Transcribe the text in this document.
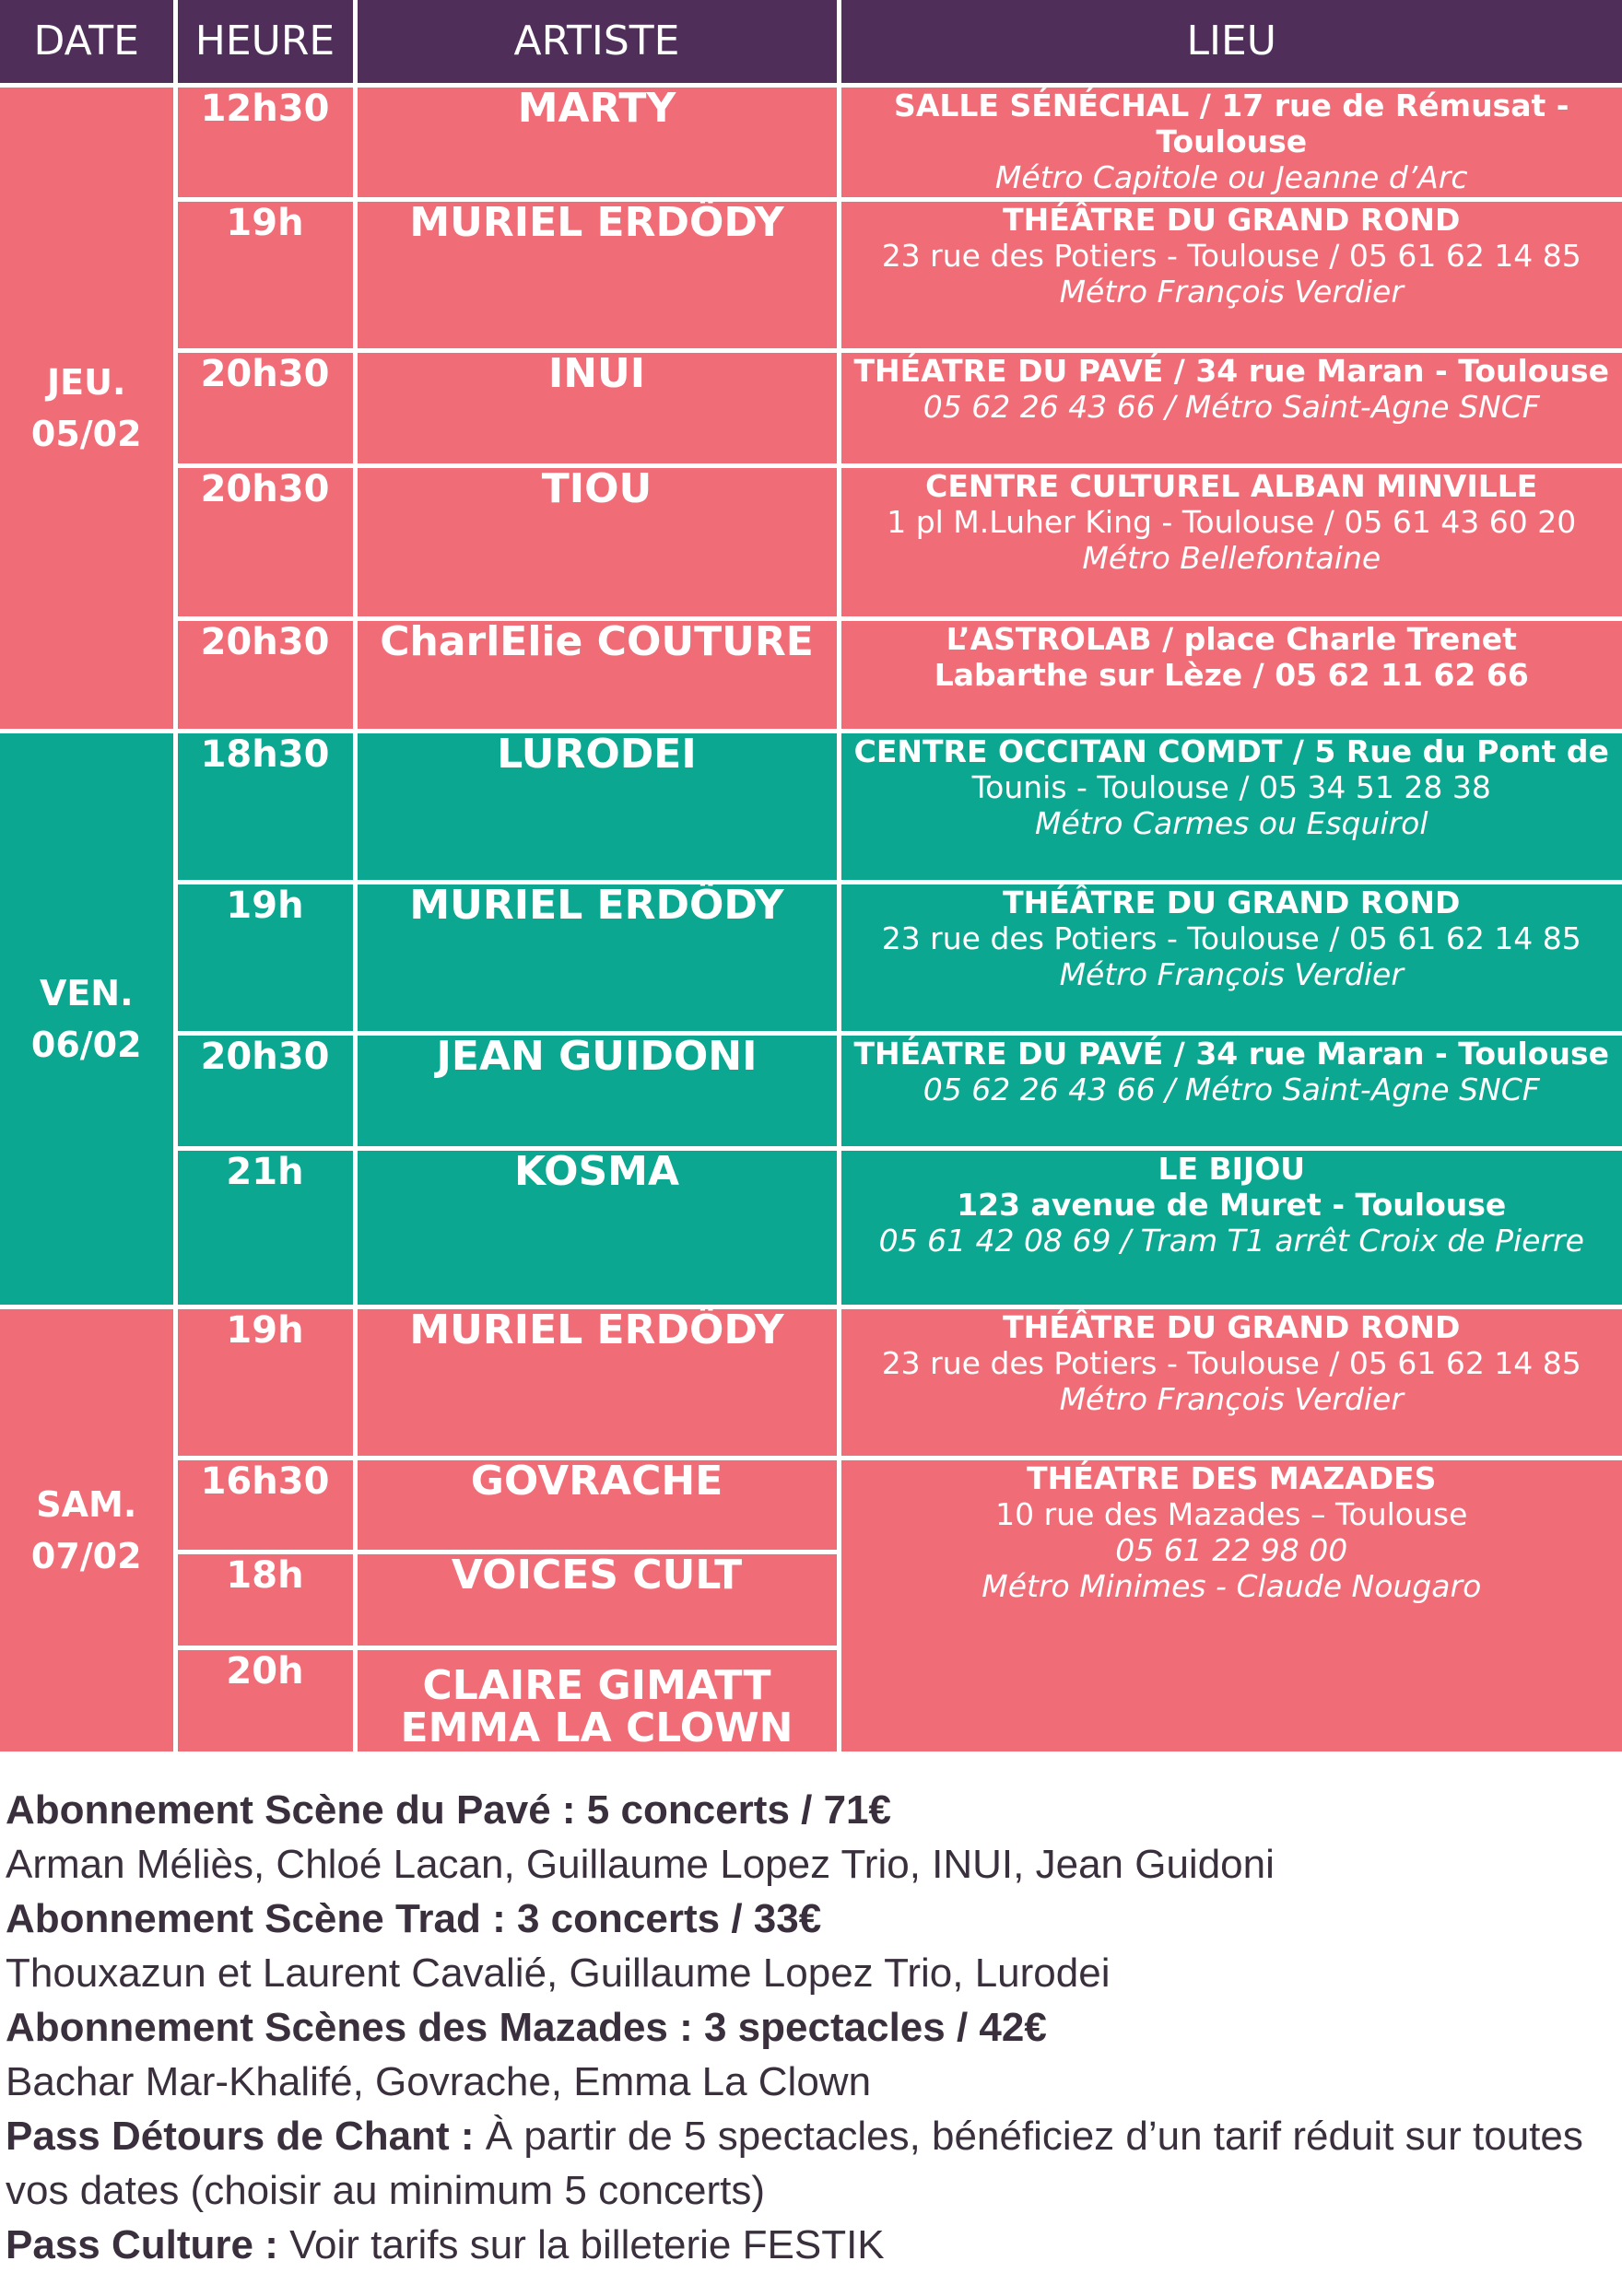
DATE	HEURE	ARTISTE	LIEU
JEU.
05/02	12h30	MARTY	SALLE SÉNÉCHAL / 17 rue de Rémusat - Toulouse
Métro Capitole ou Jeanne d’Arc

	19h	MURIEL ERDÖDY	THÉÂTRE DU GRAND ROND
23 rue des Potiers - Toulouse / 05 61 62 14 85
Métro François Verdier

	20h30	INUI	THÉATRE DU PAVÉ / 34 rue Maran - Toulouse
05 62 26 43 66 / Métro Saint-Agne SNCF

	20h30	TIOU	CENTRE CULTUREL ALBAN MINVILLE
1 pl M.Luher King - Toulouse / 05 61 43 60 20
Métro Bellefontaine

	20h30	CharlElie COUTURE	L’ASTROLAB / place Charle Trenet
Labarthe sur Lèze / 05 62 11 62 66

VEN.
06/02	18h30	LURODEI	CENTRE OCCITAN COMDT / 5 Rue du Pont de
Tounis - Toulouse / 05 34 51 28 38
Métro Carmes ou Esquirol

	19h	MURIEL ERDÖDY	THÉÂTRE DU GRAND ROND
23 rue des Potiers - Toulouse / 05 61 62 14 85
Métro François Verdier

	20h30	JEAN GUIDONI	THÉATRE DU PAVÉ / 34 rue Maran - Toulouse
05 62 26 43 66 / Métro Saint-Agne SNCF

	21h	KOSMA	LE BIJOU
123 avenue de Muret - Toulouse
05 61 42 08 69 / Tram T1 arrêt Croix de Pierre

SAM.
07/02	19h	MURIEL ERDÖDY	THÉÂTRE DU GRAND ROND
23 rue des Potiers - Toulouse / 05 61 62 14 85
Métro François Verdier

	16h30	GOVRACHE	THÉATRE DES MAZADES
10 rue des Mazades – Toulouse
05 61 22 98 00
Métro Minimes - Claude Nougaro

	18h	VOICES CULT	
	20h	CLAIRE GIMATT
EMMA LA CLOWN	

Abonnement Scène du Pavé : 5 concerts / 71€

Arman Méliès, Chloé Lacan, Guillaume Lopez Trio, INUI, Jean Guidoni

Abonnement Scène Trad : 3 concerts / 33€

Thouxazun et Laurent Cavalié, Guillaume Lopez Trio, Lurodei

Abonnement Scènes des Mazades : 3 spectacles / 42€

Bachar Mar-Khalifé, Govrache, Emma La Clown

Pass Détours de Chant : À partir de 5 spectacles, bénéficiez d’un tarif réduit sur toutes vos dates (choisir au minimum 5 concerts)

Pass Culture : Voir tarifs sur la billeterie FESTIK
